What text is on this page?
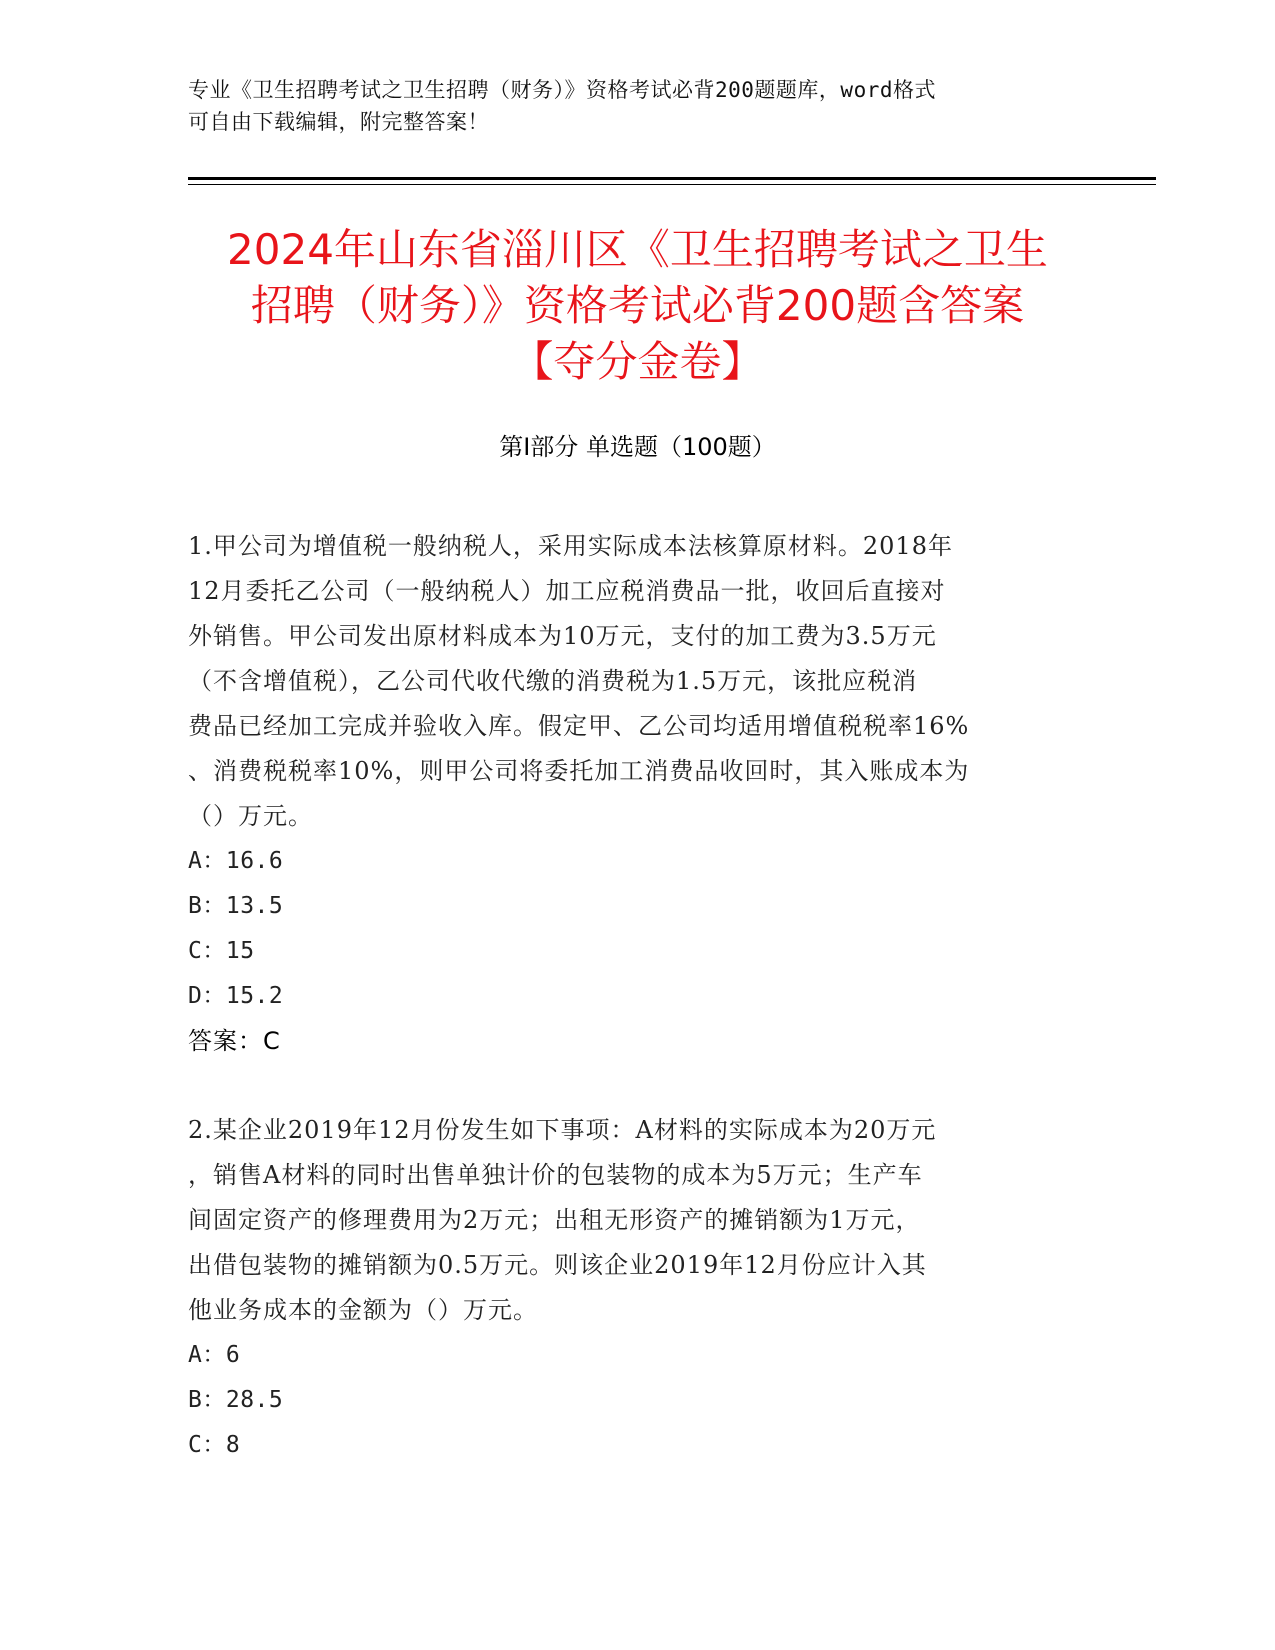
专业《卫生招聘考试之卫生招聘（财务）》资格考试必背200题题库，word格式
可自由下载编辑，附完整答案！
2024年山东省淄川区《卫生招聘考试之卫生
招聘（财务）》资格考试必背200题含答案
【夺分金卷】
第Ⅰ部分 单选题（100题）
1.甲公司为增值税一般纳税人，采用实际成本法核算原材料。2018年
12月委托乙公司（一般纳税人）加工应税消费品一批，收回后直接对
外销售。甲公司发出原材料成本为10万元，支付的加工费为3.5万元
（不含增值税），乙公司代收代缴的消费税为1.5万元，该批应税消
费品已经加工完成并验收入库。假定甲、乙公司均适用增值税税率16%
、消费税税率10%，则甲公司将委托加工消费品收回时，其入账成本为
（）万元。
A：16.6
B：13.5
C：15
D：15.2
答案：C
2.某企业2019年12月份发生如下事项：A材料的实际成本为20万元
，销售A材料的同时出售单独计价的包装物的成本为5万元；生产车
间固定资产的修理费用为2万元；出租无形资产的摊销额为1万元，
出借包装物的摊销额为0.5万元。则该企业2019年12月份应计入其
他业务成本的金额为（）万元。
A：6
B：28.5
C：8
